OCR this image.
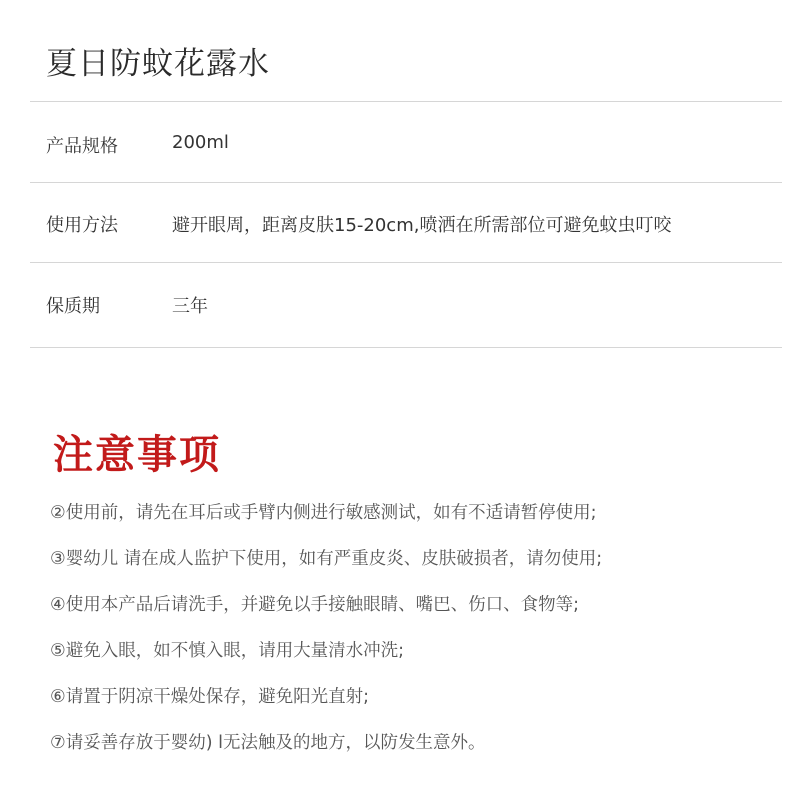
夏日防蚊花露水
产品规格	200ml
使用方法	避开眼周，距离皮肤15-20cm,喷洒在所需部位可避免蚊虫叮咬
保质期	三年
注意事项
②使用前，请先在耳后或手臂内侧进行敏感测试，如有不适请暂停使用;
③婴幼儿 请在成人监护下使用，如有严重皮炎、皮肤破损者，请勿使用;
④使用本产品后请洗手，并避免以手接触眼睛、嘴巴、伤口、食物等;
⑤避免入眼，如不慎入眼，请用大量清水冲洗;
⑥请置于阴凉干燥处保存，避免阳光直射;
⑦请妥善存放于婴幼) l无法触及的地方，以防发生意外。
